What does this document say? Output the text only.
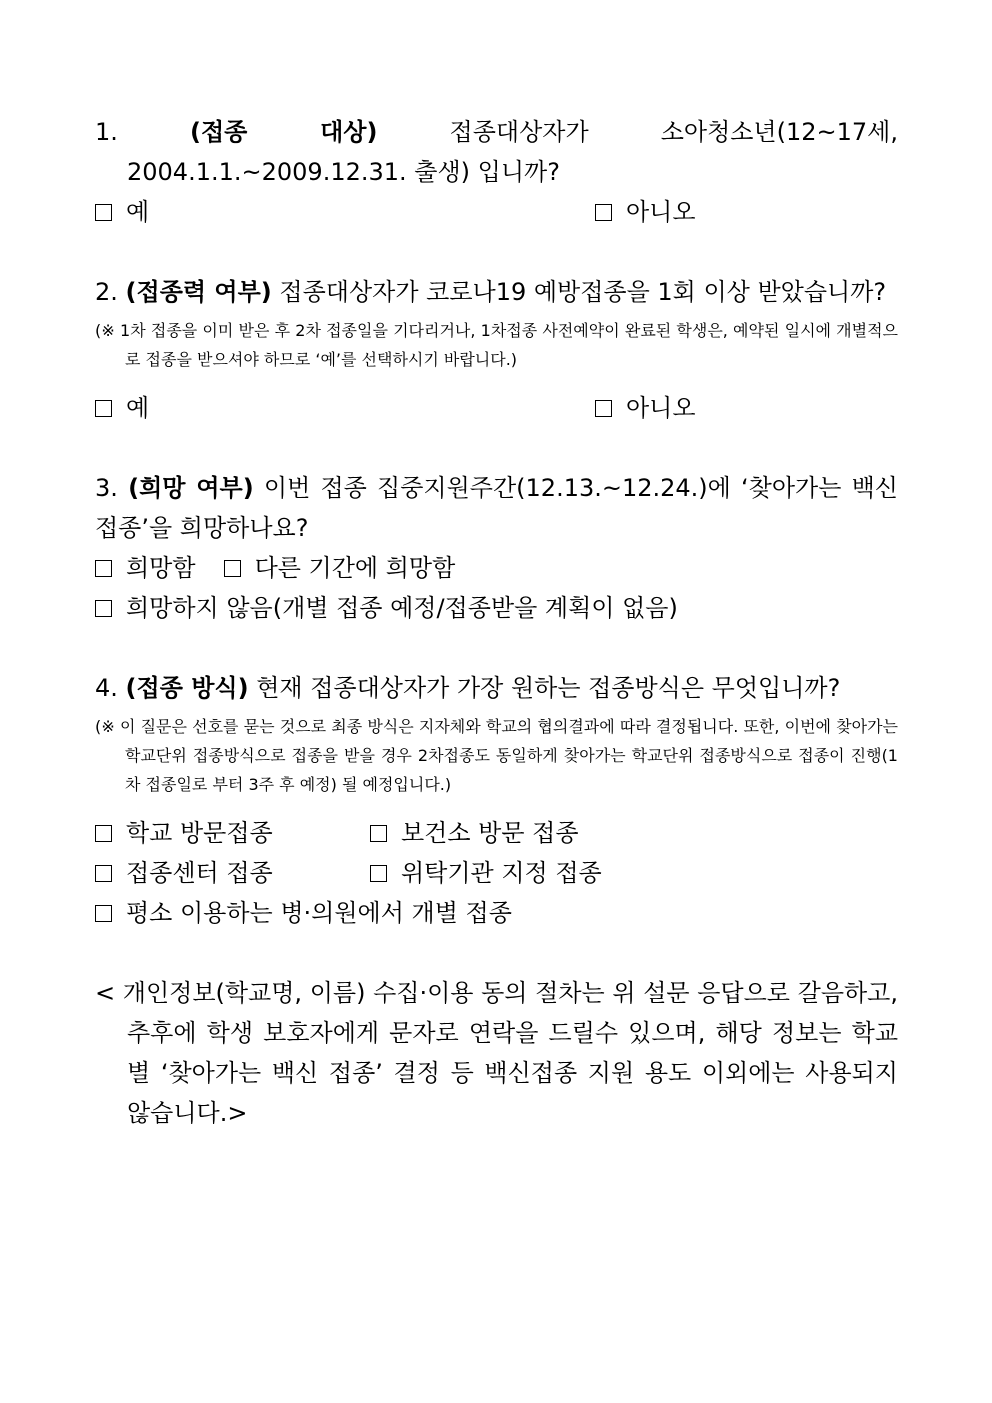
1.	(접종 대상)	접종대상자가 소아청소년(12~17세, 2004.1.1.~2009.12.31. 출생) 입니까?
예	아니오
2. (접종력 여부) 접종대상자가 코로나19 예방접종을 1회 이상 받았습니까?
(※ 1차 접종을 이미 받은 후 2차 접종일을 기다리거나, 1차접종 사전예약이 완료된 학생은, 예약된 일시에 개별적으로 접종을 받으셔야 하므로 ‘예’를 선택하시기 바랍니다.)
예	아니오
3. (희망 여부) 이번 접종 집중지원주간(12.13.~12.24.)에 ‘찾아가는 백신 접종’을 희망하나요?
희망함 다른 기간에 희망함
희망하지 않음(개별 접종 예정/접종받을 계획이 없음)
4. (접종 방식) 현재 접종대상자가 가장 원하는 접종방식은 무엇입니까?
(※ 이 질문은 선호를 묻는 것으로 최종 방식은 지자체와 학교의 협의결과에 따라 결정됩니다. 또한, 이번에 찾아가는 학교단위 접종방식으로 접종을 받을 경우 2차접종도 동일하게 찾아가는 학교단위 접종방식으로 접종이 진행(1차 접종일로 부터 3주 후 예정) 될 예정입니다.)
학교 방문접종	보건소 방문 접종
접종센터 접종	위탁기관 지정 접종
평소 이용하는 병·의원에서 개별 접종
< 개인정보(학교명, 이름) 수집·이용 동의 절차는 위 설문 응답으로 갈음하고, 추후에 학생 보호자에게 문자로 연락을 드릴수 있으며, 해당 정보는 학교별 ‘찾아가는 백신 접종’ 결정 등 백신접종 지원 용도 이외에는 사용되지 않습니다.>
